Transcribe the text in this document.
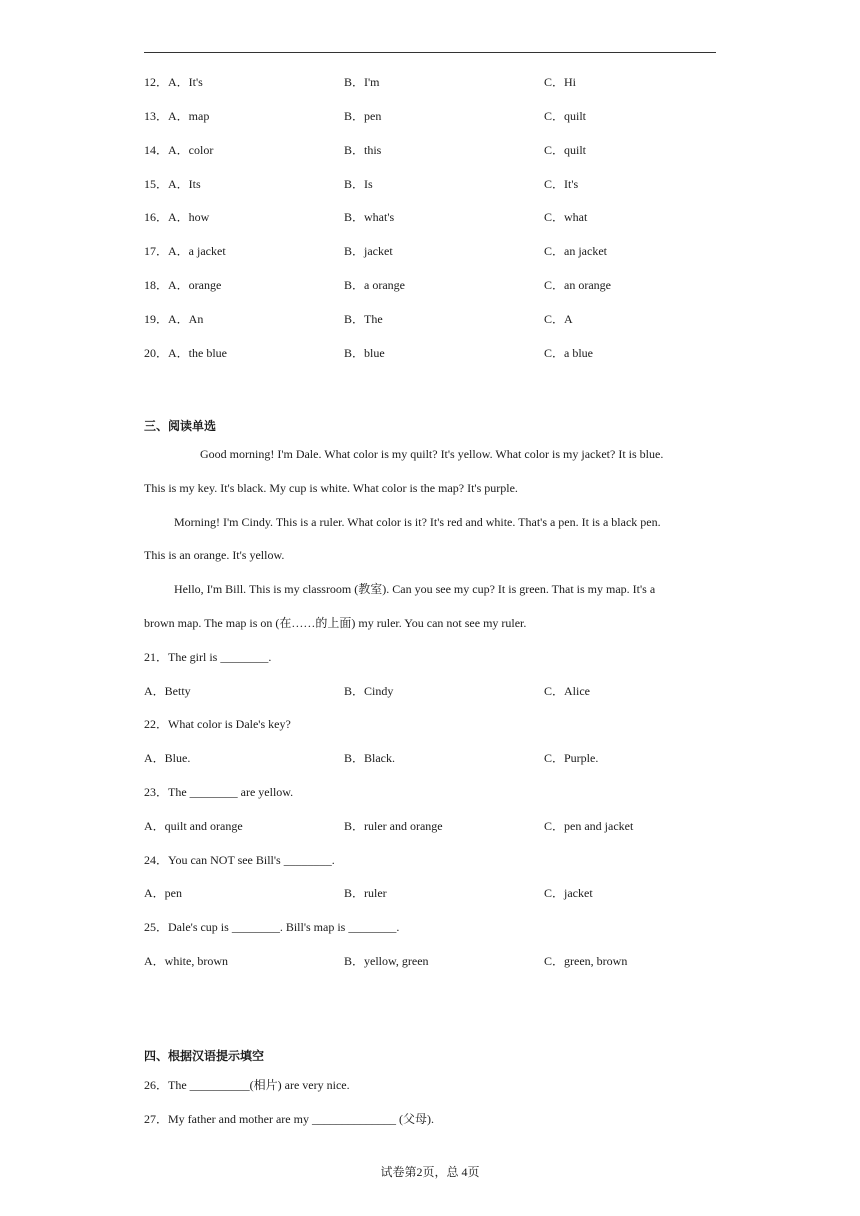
12．A．It's	B．I'm	C．Hi
13．A．map	B．pen	C．quilt
14．A．color	B．this	C．quilt
15．A．Its	B．Is	C．It's
16．A．how	B．what's	C．what
17．A．a jacket	B．jacket	C．an jacket
18．A．orange	B．a orange	C．an orange
19．A．An	B．The	C．A
20．A．the blue	B．blue	C．a blue
三、阅读单选
Good morning! I'm Dale. What color is my quilt? It's yellow. What color is my jacket? It is blue.
This is my key. It's black. My cup is white. What color is the map? It's purple.
Morning! I'm Cindy. This is a ruler. What color is it? It's red and white. That's a pen. It is a black pen.
This is an orange. It's yellow.
Hello, I'm Bill. This is my classroom (教室). Can you see my cup? It is green. That is my map. It's a
brown map. The map is on (在……的上面) my ruler. You can not see my ruler.
21．The girl is ________.
A．Betty	B．Cindy	C．Alice
22．What color is Dale's key?
A．Blue.	B．Black.	C．Purple.
23．The ________ are yellow.
A．quilt and orange	B．ruler and orange	C．pen and jacket
24．You can NOT see Bill's ________.
A．pen	B．ruler	C．jacket
25．Dale's cup is ________. Bill's map is ________.
A．white, brown	B．yellow, green	C．green, brown
四、根据汉语提示填空
26．The __________(相片) are very nice.
27．My father and mother are my ______________ (父母).
试卷第2页，总 4页
